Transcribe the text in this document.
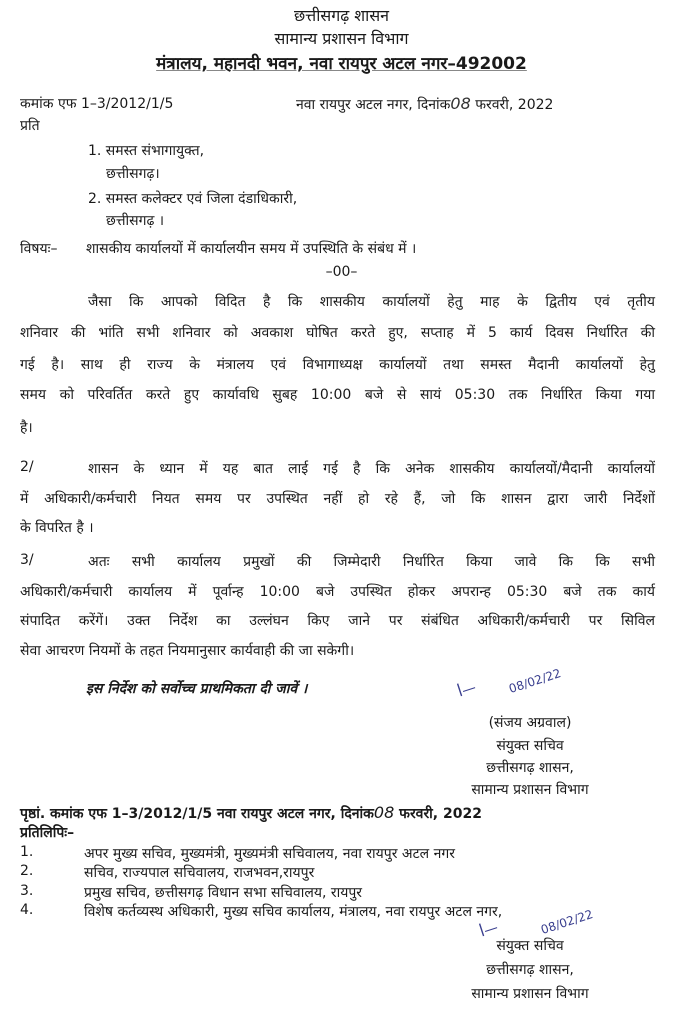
छत्तीसगढ़ शासन
सामान्य प्रशासन विभाग
मंत्रालय, महानदी भवन, नवा रायपुर अटल नगर–492002
कमांक एफ 1–3/2012/1/5	नवा रायपुर अटल नगर, दिनांक08 फरवरी, 2022
प्रति
1. समस्त संभागायुक्त,
छत्तीसगढ़।
2. समस्त कलेक्टर एवं जिला दंडाधिकारी,
छत्तीसगढ़ ।
विषयः– शासकीय कार्यालयों में कार्यालयीन समय में उपस्थिति के संबंध में ।
–00–
जैसा कि आपको विदित है कि शासकीय कार्यालयों हेतु माह के द्वितीय एवं तृतीय
शनिवार की भांति सभी शनिवार को अवकाश घोषित करते हुए, सप्ताह में 5 कार्य दिवस निर्धारित की
गई है। साथ ही राज्य के मंत्रालय एवं विभागाध्यक्ष कार्यालयों तथा समस्त मैदानी कार्यालयों हेतु
समय को परिवर्तित करते हुए कार्यावधि सुबह 10:00 बजे से सायं 05:30 तक निर्धारित किया गया
है।
2/	शासन के ध्यान में यह बात लाई गई है कि अनेक शासकीय कार्यालयों/मैदानी कार्यालयों
में अधिकारी/कर्मचारी नियत समय पर उपस्थित नहीं हो रहे हैं, जो कि शासन द्वारा जारी निर्देशों
के विपरित है ।
3/	अतः सभी कार्यालय प्रमुखों की जिम्मेदारी निर्धारित किया जावे कि कि सभी
अधिकारी/कर्मचारी कार्यालय में पूर्वान्ह 10:00 बजे उपस्थित होकर अपरान्ह 05:30 बजे तक कार्य
संपादित करेंगें। उक्त निर्देश का उल्लंघन किए जाने पर संबंधित अधिकारी/कर्मचारी पर सिविल
सेवा आचरण नियमों के तहत नियमानुसार कार्यवाही की जा सकेगी।
इस निर्देश को सर्वोच्च प्राथमिकता दी जावें ।	ꟾ— 08/02/22
(संजय अग्रवाल)
संयुक्त सचिव
छत्तीसगढ़ शासन,
सामान्य प्रशासन विभाग
पृष्ठां. कमांक एफ 1–3/2012/1/5 नवा रायपुर अटल नगर, दिनांक08 फरवरी, 2022
प्रतिलिपिः–
1.	अपर मुख्य सचिव, मुख्यमंत्री, मुख्यमंत्री सचिवालय, नवा रायपुर अटल नगर
2.	सचिव, राज्यपाल सचिवालय, राजभवन,रायपुर
3.	प्रमुख सचिव, छत्तीसगढ़ विधान सभा सचिवालय, रायपुर
4.	विशेष कर्तव्यस्थ अधिकारी, मुख्य सचिव कार्यालय, मंत्रालय, नवा रायपुर अटल नगर,
ꟾ—	08/02/22
संयुक्त सचिव
छत्तीसगढ़ शासन,
सामान्य प्रशासन विभाग
